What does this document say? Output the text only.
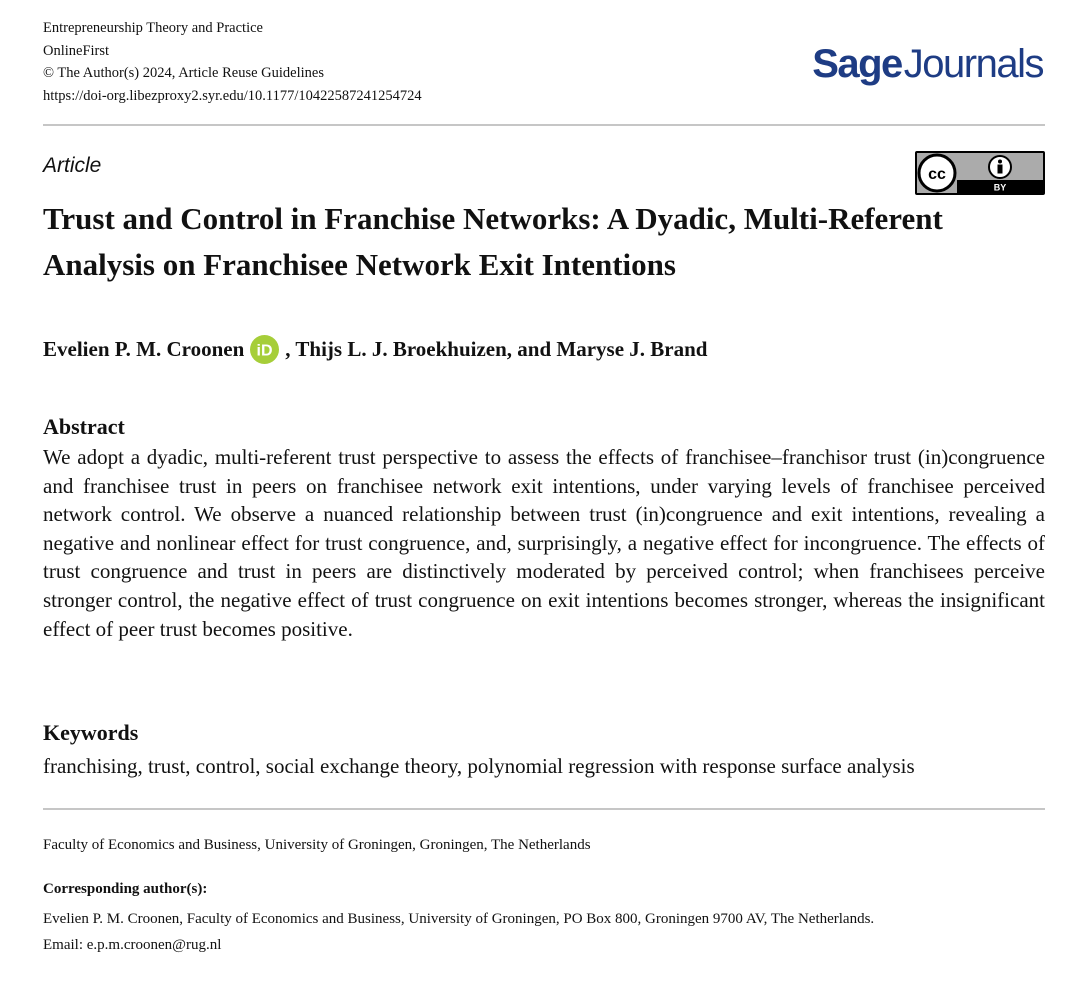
Entrepreneurship Theory and Practice
OnlineFirst
© The Author(s) 2024, Article Reuse Guidelines
https://doi-org.libezproxy2.syr.edu/10.1177/10422587241254724
SageJournals
Article	cc
BY
Trust and Control in Franchise Networks: A Dyadic, Multi-Referent Analysis on Franchisee Network Exit Intentions
Evelien P. M. Croonen iD , Thijs L. J. Broekhuizen, and Maryse J. Brand
Abstract

We adopt a dyadic, multi-referent trust perspective to assess the effects of franchisee–franchisor trust (in)congruence and franchisee trust in peers on franchisee network exit intentions, under varying levels of franchisee perceived network control. We observe a nuanced relationship between trust (in)congruence and exit intentions, revealing a negative and nonlinear effect for trust congruence, and, surprisingly, a negative effect for incongruence. The effects of trust congruence and trust in peers are distinctively moderated by perceived control; when franchisees perceive stronger control, the negative effect of trust congruence on exit intentions becomes stronger, whereas the insignificant effect of peer trust becomes positive.

Keywords
franchising, trust, control, social exchange theory, polynomial regression with response surface analysis
Faculty of Economics and Business, University of Groningen, Groningen, The Netherlands
Corresponding author(s):
Evelien P. M. Croonen, Faculty of Economics and Business, University of Groningen, PO Box 800, Groningen 9700 AV, The Netherlands.
Email: e.p.m.croonen@rug.nl
